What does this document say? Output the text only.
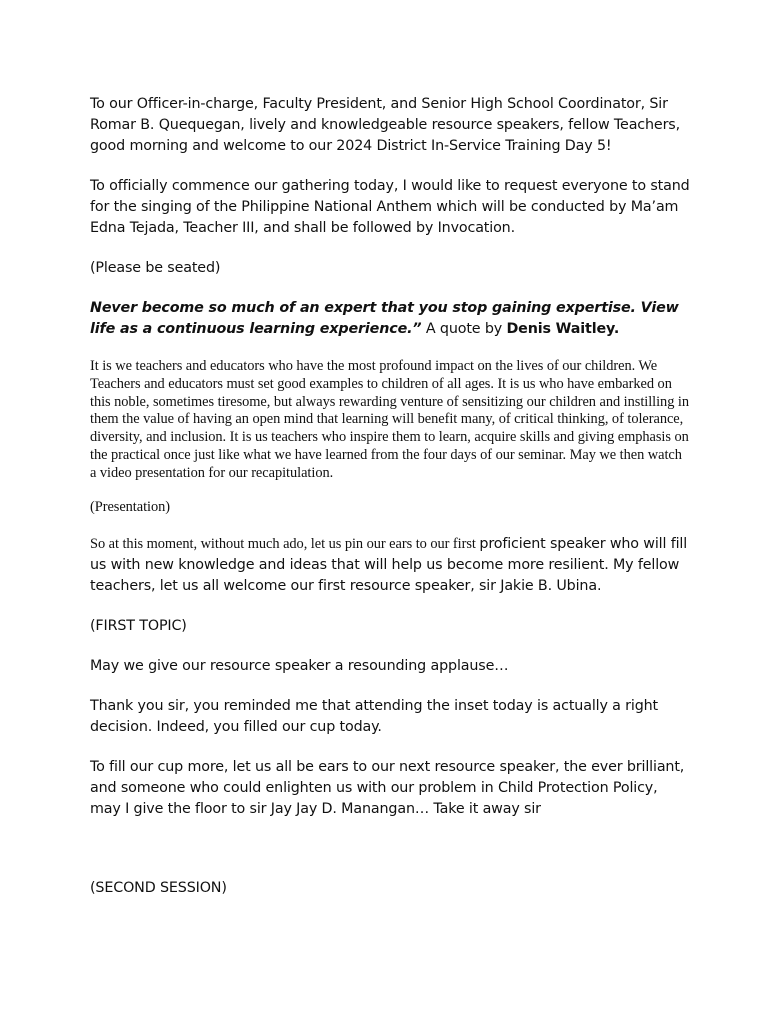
To our Officer-in-charge, Faculty President, and Senior High School Coordinator, Sir Romar B. Quequegan, lively and knowledgeable resource speakers, fellow Teachers, good morning and welcome to our 2024 District In-Service Training Day 5!

To officially commence our gathering today, I would like to request everyone to stand for the singing of the Philippine National Anthem which will be conducted by Ma’am Edna Tejada, Teacher III, and shall be followed by Invocation.

(Please be seated)

Never become so much of an expert that you stop gaining expertise. View life as a continuous learning experience.” A quote by Denis Waitley.

It is we teachers and educators who have the most profound impact on the lives of our children. We Teachers and educators must set good examples to children of all ages. It is us who have embarked on this noble, sometimes tiresome, but always rewarding venture of sensitizing our children and instilling in them the value of having an open mind that learning will benefit many, of critical thinking, of tolerance, diversity, and inclusion. It is us teachers who inspire them to learn, acquire skills and giving emphasis on the practical once just like what we have learned from the four days of our seminar. May we then watch a video presentation for our recapitulation.

(Presentation)

So at this moment, without much ado, let us pin our ears to our first proficient speaker who will fill us with new knowledge and ideas that will help us become more resilient. My fellow teachers, let us all welcome our first resource speaker, sir Jakie B. Ubina.

(FIRST TOPIC)

May we give our resource speaker a resounding applause…

Thank you sir, you reminded me that attending the inset today is actually a right decision. Indeed, you filled our cup today.

To fill our cup more, let us all be ears to our next resource speaker, the ever brilliant, and someone who could enlighten us with our problem in Child Protection Policy, may I give the floor to sir Jay Jay D. Manangan… Take it away sir

(SECOND SESSION)
